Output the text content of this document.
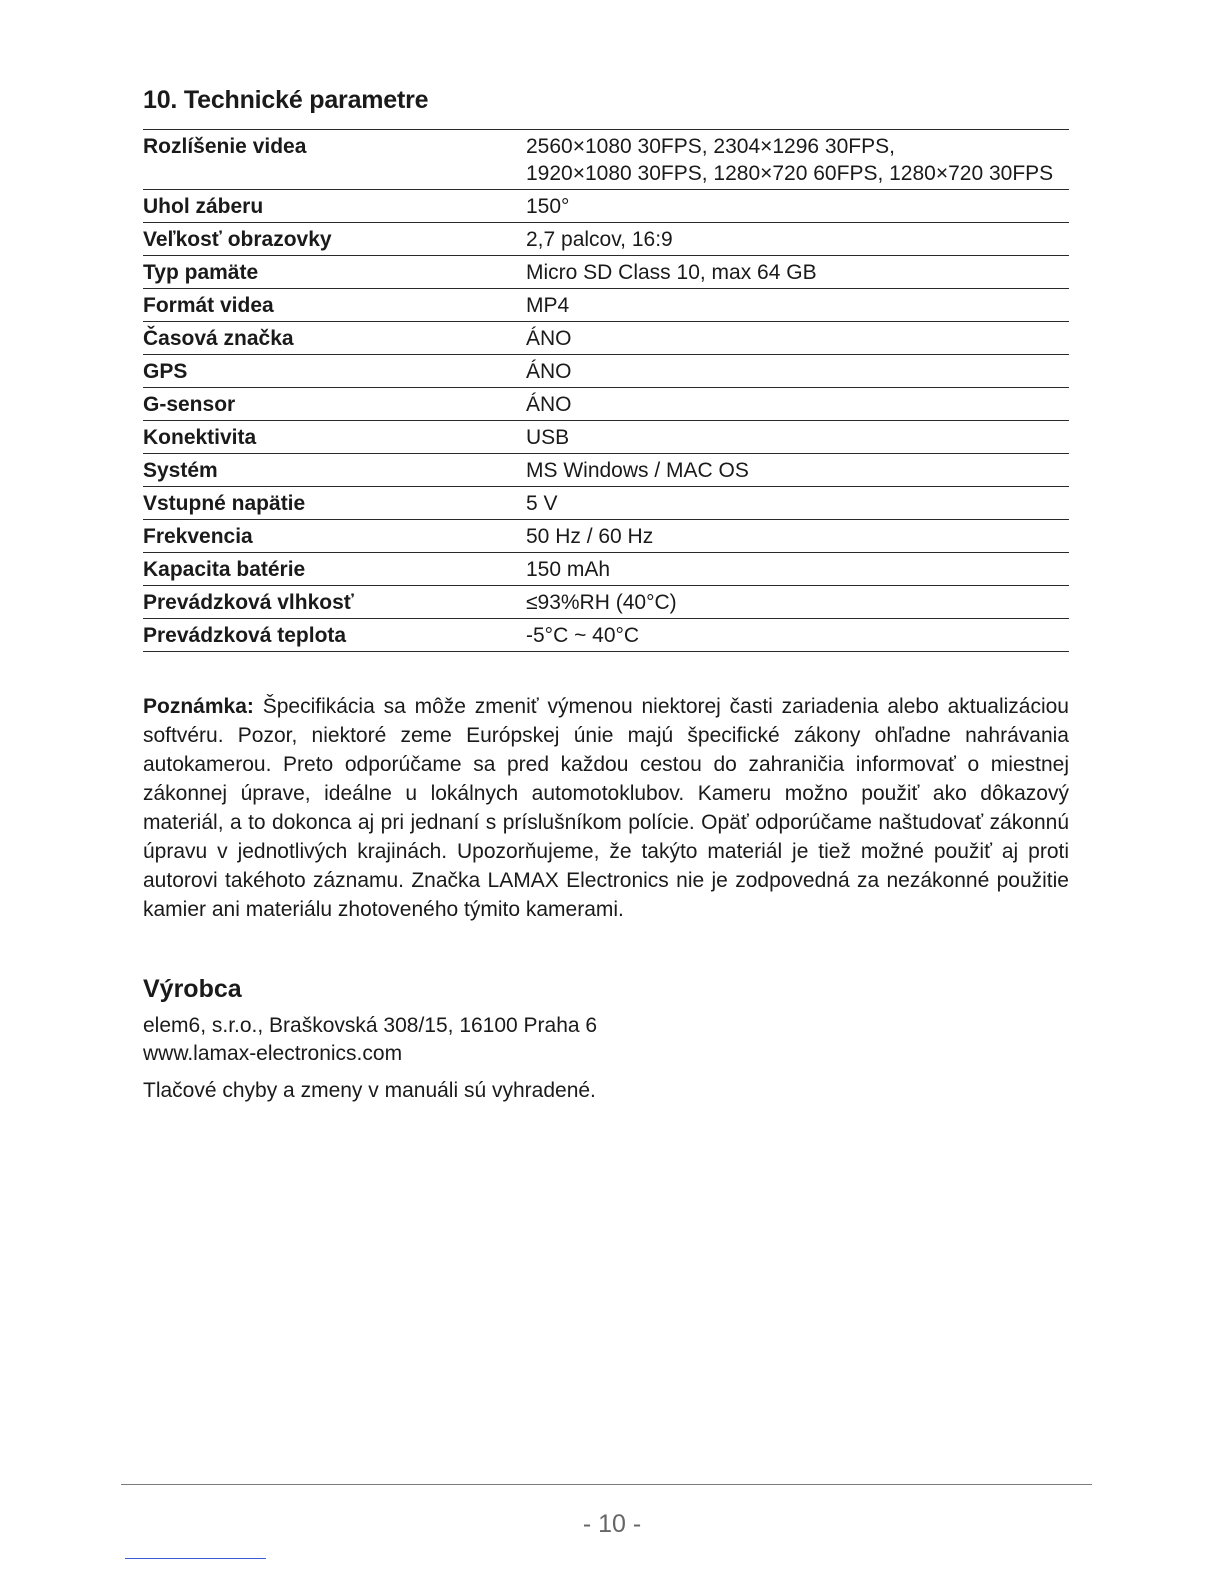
10. Technické parametre
Rozlíšenie videa	2560×1080 30FPS, 2304×1296 30FPS,
1920×1080 30FPS, 1280×720 60FPS, 1280×720 30FPS
Uhol záberu	150°
Veľkosť obrazovky	2,7 palcov, 16:9
Typ pamäte	Micro SD Class 10, max 64 GB
Formát videa	MP4
Časová značka	ÁNO
GPS	ÁNO
G-sensor	ÁNO
Konektivita	USB
Systém	MS Windows / MAC OS
Vstupné napätie	5 V
Frekvencia	50 Hz / 60 Hz
Kapacita batérie	150 mAh
Prevádzková vlhkosť	≤93%RH (40°C)
Prevádzková teplota	-5°C ~ 40°C

Poznámka: Špecifikácia sa môže zmeniť výmenou niektorej časti zariadenia alebo aktualizáciou softvéru. Pozor, niektoré zeme Európskej únie majú špecifické zákony ohľadne nahrávania autokamerou. Preto odporúčame sa pred každou cestou do zahraničia informovať o miestnej zákonnej úprave, ideálne u lokálnych automotoklubov. Kameru možno použiť ako dôkazový materiál, a to dokonca aj pri jednaní s príslušníkom polície. Opäť odporúčame naštudovať zákonnú úpravu v jednotlivých krajinách. Upozorňujeme, že takýto materiál je tiež možné použiť aj proti autorovi takéhoto záznamu. Značka LAMAX Electronics nie je zodpovedná za nezákonné použitie kamier ani materiálu zhotoveného týmito kamerami.

Výrobca

elem6, s.r.o., Braškovská 308/15, 16100 Praha 6

www.lamax-electronics.com

Tlačové chyby a zmeny v manuáli sú vyhradené.

- 10 -
